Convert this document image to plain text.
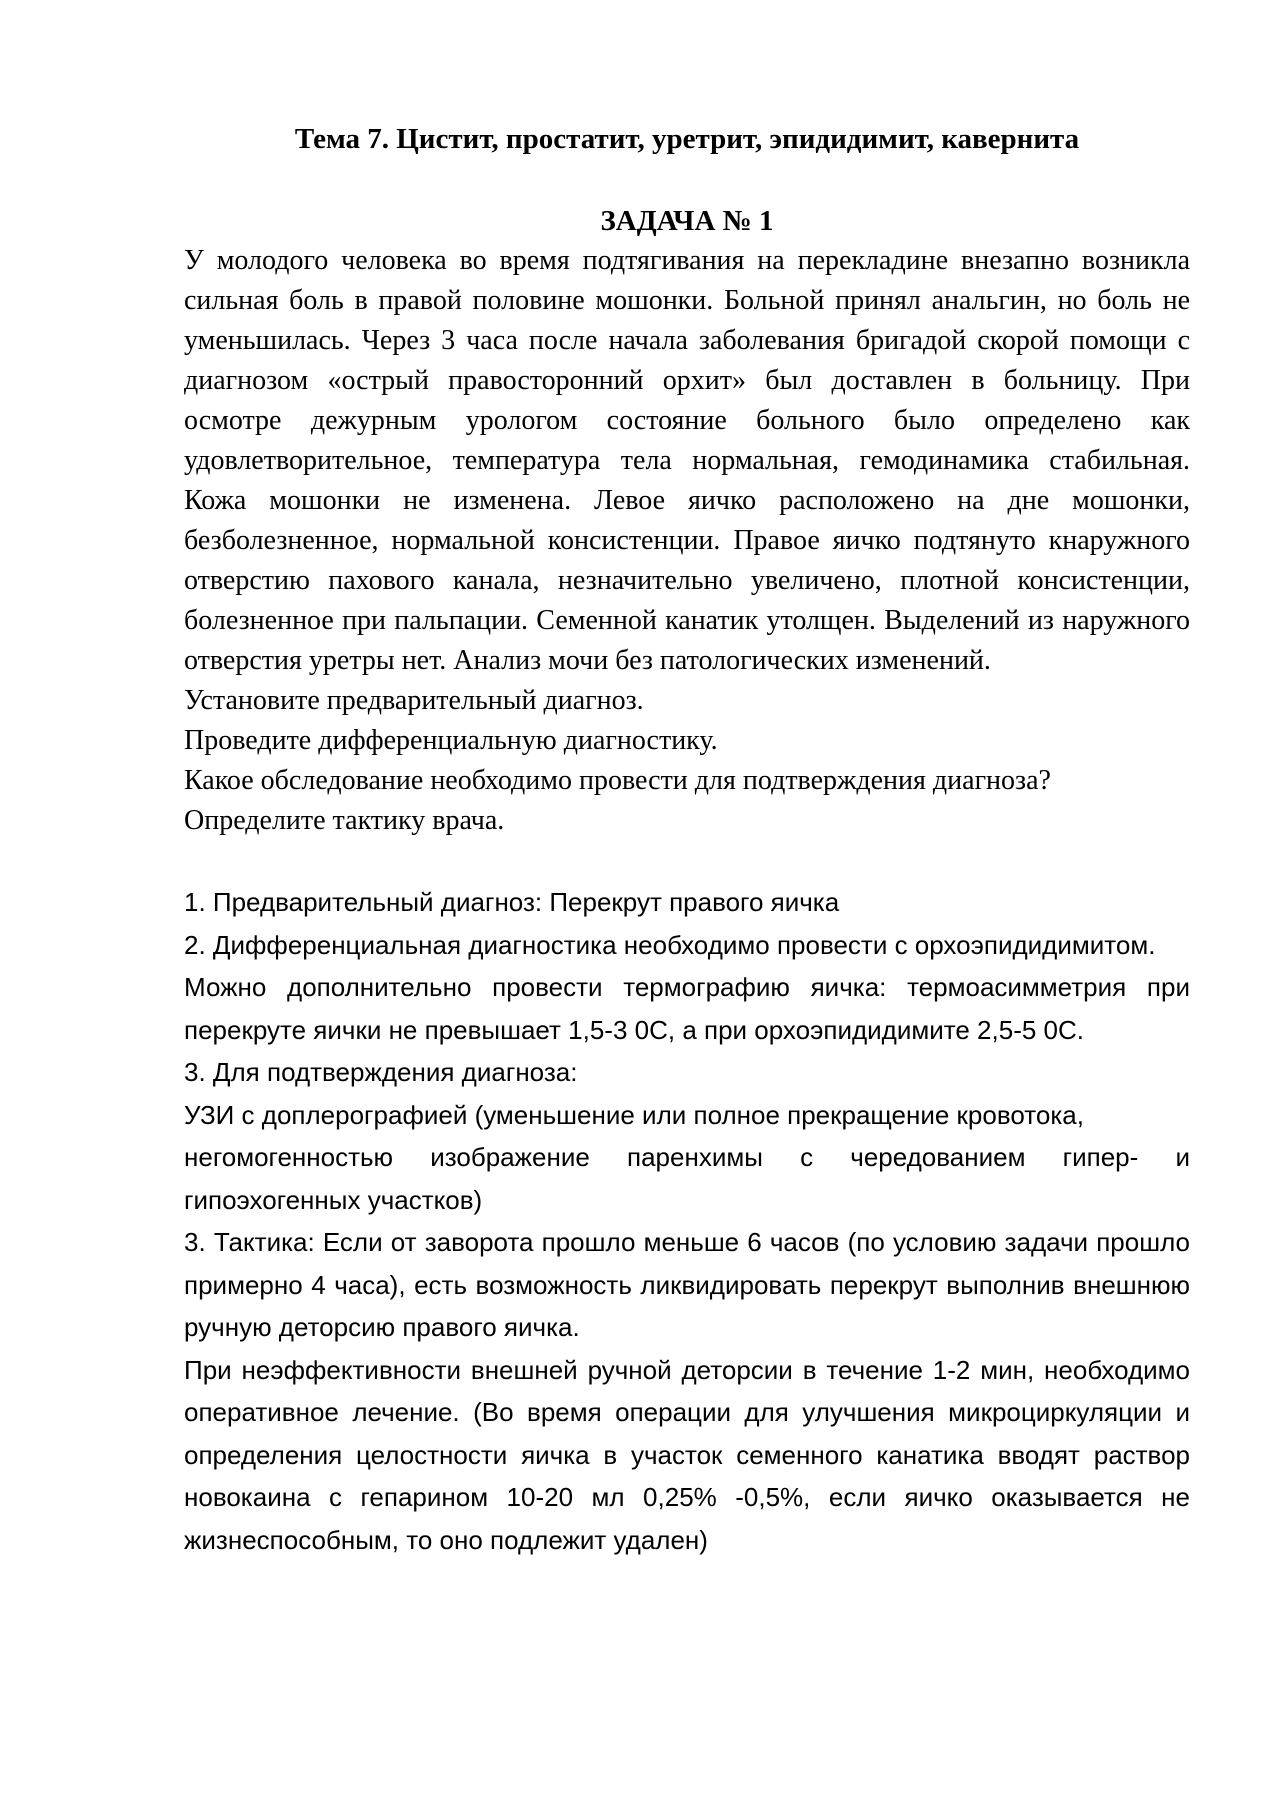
Тема 7. Цистит, простатит, уретрит, эпидидимит, кавернита
ЗАДАЧА № 1

У молодого человека во время подтягивания на перекладине внезапно возникла сильная боль в правой половине мошонки. Больной принял анальгин, но боль не уменьшилась. Через 3 часа после начала заболевания бригадой скорой помощи с диагнозом «острый правосторонний орхит» был доставлен в больницу. При осмотре дежурным урологом состояние больного было определено как удовлетворительное, температура тела нормальная, гемодинамика стабильная. Кожа мошонки не изменена. Левое яичко расположено на дне мошонки, безболезненное, нормальной консистенции. Правое яичко подтянуто кнаружного отверстию пахового канала, незначительно увеличено, плотной консистенции, болезненное при пальпации. Семенной канатик утолщен. Выделений из наружного отверстия уретры нет. Анализ мочи без патологических изменений.

Установите предварительный диагноз.

Проведите дифференциальную диагностику.

Какое обследование необходимо провести для подтверждения диагноза?

Определите тактику врача.

1. Предварительный диагноз: Перекрут правого яичка

2. Дифференциальная диагностика необходимо провести с орхоэпидидимитом.

Можно дополнительно провести термографию яичка: термоасимметрия при перекруте яички не превышает 1,5-3 0С, а при орхоэпидидимите 2,5-5 0С.

3. Для подтверждения диагноза:

УЗИ с доплерографией (уменьшение или полное прекращение кровотока,

негомогенностью изображение паренхимы с чередованием гипер- и гипоэхогенных участков)

3. Тактика: Если от заворота прошло меньше 6 часов (по условию задачи прошло примерно 4 часа), есть возможность ликвидировать перекрут выполнив внешнюю ручную деторсию правого яичка.

При неэффективности внешней ручной деторсии в течение 1-2 мин, необходимо оперативное лечение. (Во время операции для улучшения микроциркуляции и определения целостности яичка в участок семенного канатика вводят раствор новокаина с гепарином 10-20 мл 0,25% -0,5%, если яичко оказывается не жизнеспособным, то оно подлежит удален)
